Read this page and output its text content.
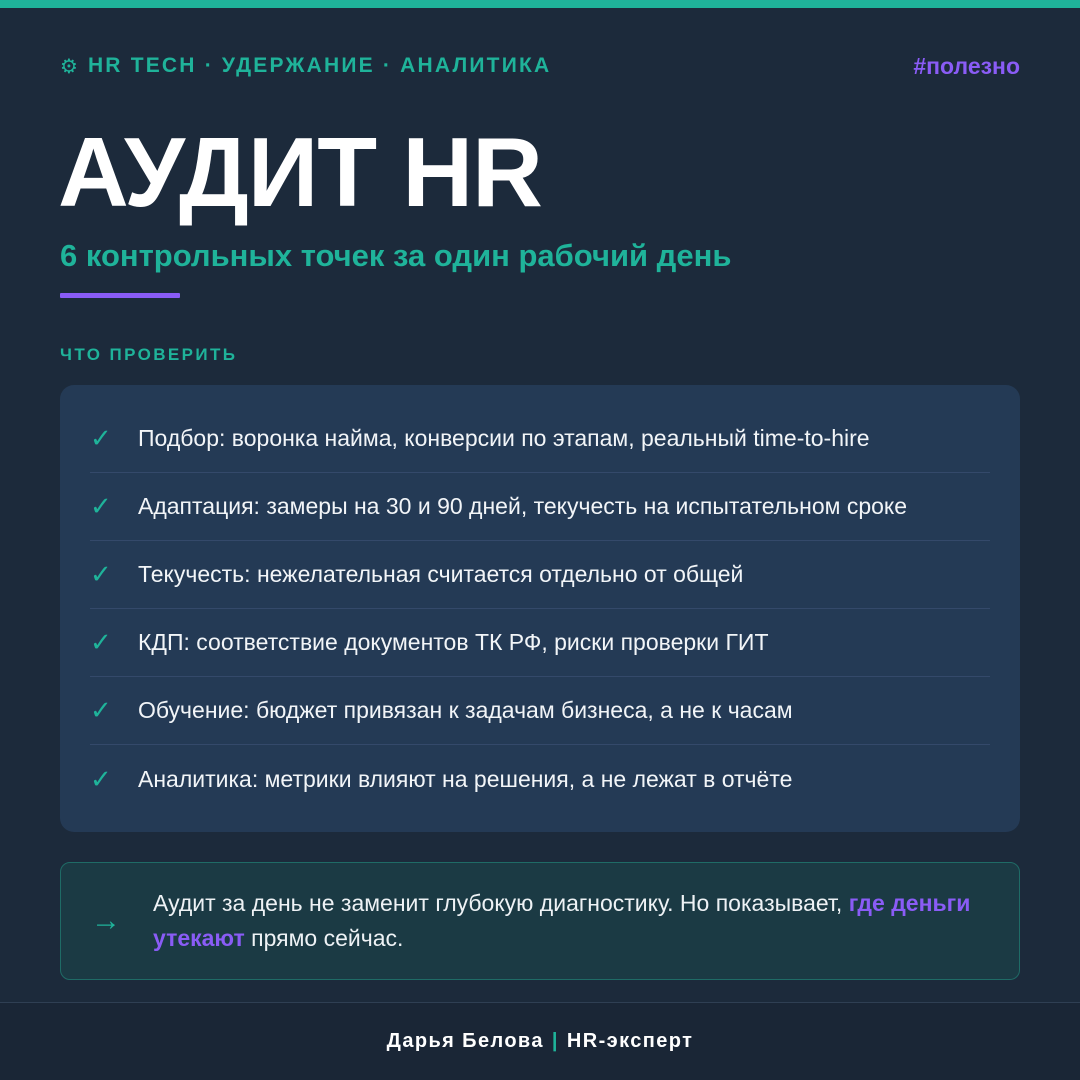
⚙ HR TECH · УДЕРЖАНИЕ · АНАЛИТИКА	#полезно
АУДИТ HR
6 контрольных точек за один рабочий день
ЧТО ПРОВЕРИТЬ
✓	Подбор: воронка найма, конверсии по этапам, реальный time-to-hire
✓	Адаптация: замеры на 30 и 90 дней, текучесть на испытательном сроке
✓	Текучесть: нежелательная считается отдельно от общей
✓	КДП: соответствие документов ТК РФ, риски проверки ГИТ
✓	Обучение: бюджет привязан к задачам бизнеса, а не к часам
✓	Аналитика: метрики влияют на решения, а не лежат в отчёте
→

Аудит за день не заменит глубокую диагностику. Но показывает, где деньги утекают прямо сейчас.

Дарья Белова | HR-эксперт
